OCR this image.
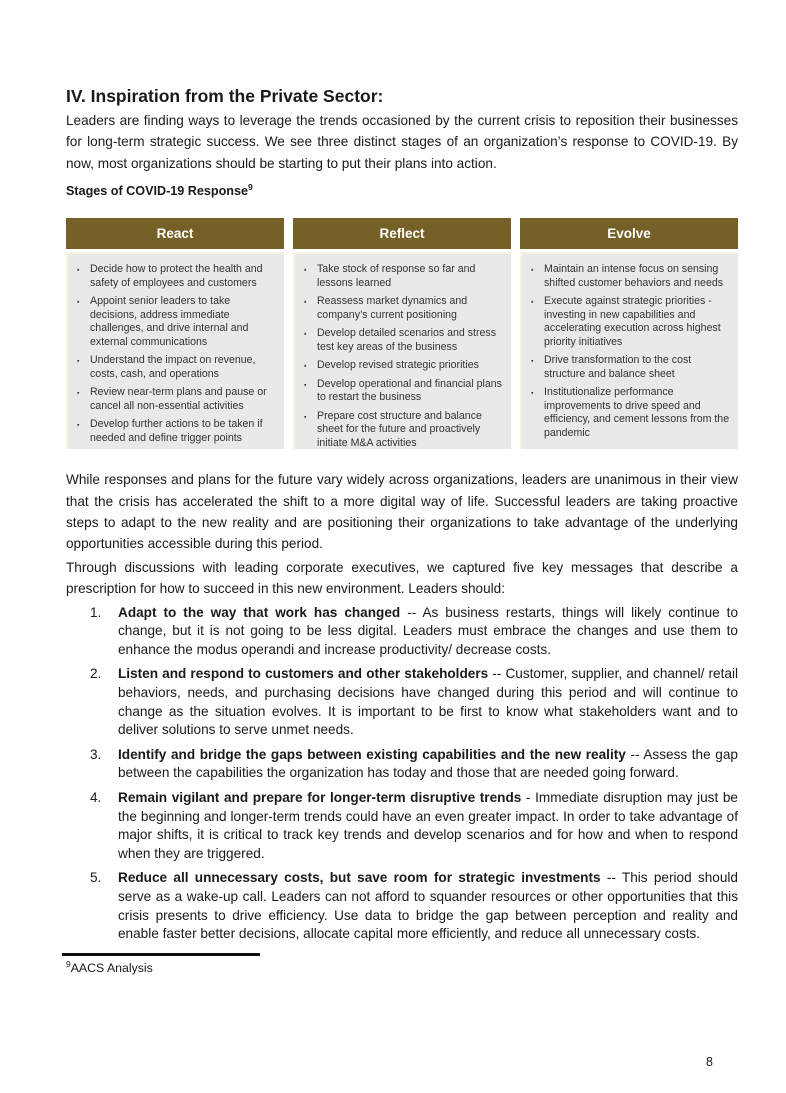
IV. Inspiration from the Private Sector:

Leaders are finding ways to leverage the trends occasioned by the current crisis to reposition their businesses for long-term strategic success. We see three distinct stages of an organization’s response to COVID-19. By now, most organizations should be starting to put their plans into action.

Stages of COVID-19 Response$^9$

React
▪ Decide how to protect the health and safety of employees and customers
▪ Appoint senior leaders to take decisions, address immediate challenges, and drive internal and external communications
▪ Understand the impact on revenue, costs, cash, and operations
▪ Review near-term plans and pause or cancel all non-essential activities
▪ Develop further actions to be taken if needed and define trigger points
Reflect
▪ Take stock of response so far and lessons learned
▪ Reassess market dynamics and company’s current positioning
▪ Develop detailed scenarios and stress test key areas of the business
▪ Develop revised strategic priorities
▪ Develop operational and financial plans to restart the business
▪ Prepare cost structure and balance sheet for the future and proactively initiate M&A activities
Evolve
▪ Maintain an intense focus on sensing shifted customer behaviors and needs
▪ Execute against strategic priorities - investing in new capabilities and accelerating execution across highest priority initiatives
▪ Drive transformation to the cost structure and balance sheet
▪ Institutionalize performance improvements to drive speed and efficiency, and cement lessons from the pandemic

While responses and plans for the future vary widely across organizations, leaders are unanimous in their view that the crisis has accelerated the shift to a more digital way of life. Successful leaders are taking proactive steps to adapt to the new reality and are positioning their organizations to take advantage of the underlying opportunities accessible during this period.

Through discussions with leading corporate executives, we captured five key messages that describe a prescription for how to succeed in this new environment. Leaders should:

1. Adapt to the way that work has changed -- As business restarts, things will likely continue to change, but it is not going to be less digital. Leaders must embrace the changes and use them to enhance the modus operandi and increase productivity/ decrease costs.
2. Listen and respond to customers and other stakeholders -- Customer, supplier, and channel/ retail behaviors, needs, and purchasing decisions have changed during this period and will continue to change as the situation evolves. It is important to be first to know what stakeholders want and to deliver solutions to serve unmet needs.
3. Identify and bridge the gaps between existing capabilities and the new reality -- Assess the gap between the capabilities the organization has today and those that are needed going forward.
4. Remain vigilant and prepare for longer-term disruptive trends - Immediate disruption may just be the beginning and longer-term trends could have an even greater impact. In order to take advantage of major shifts, it is critical to track key trends and develop scenarios and for how and when to respond when they are triggered.
5. Reduce all unnecessary costs, but save room for strategic investments -- This period should serve as a wake-up call. Leaders can not afford to squander resources or other opportunities that this crisis presents to drive efficiency. Use data to bridge the gap between perception and reality and enable faster better decisions, allocate capital more efficiently, and reduce all unnecessary costs.

$^9$AACS Analysis

8
